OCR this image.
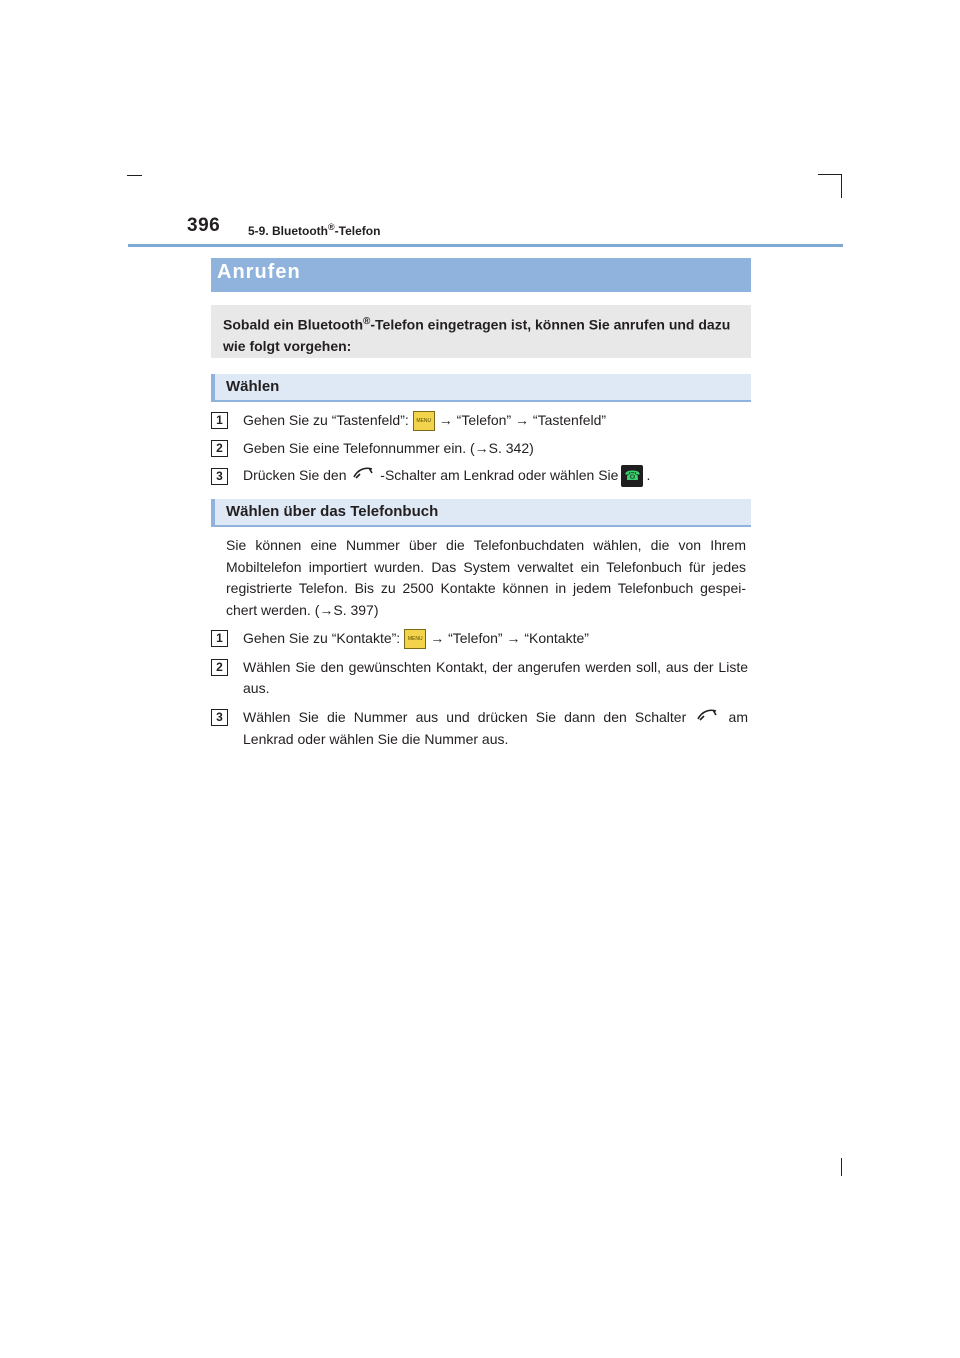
396 5-9. Bluetooth®-Telefon
Anrufen
Sobald ein Bluetooth®-Telefon eingetragen ist, können Sie anrufen und dazu wie folgt vorgehen:
Wählen
1	Gehen Sie zu “Tastenfeld”: MENU → “Telefon” → “Tastenfeld”
2	Geben Sie eine Telefonnummer ein. (→S. 342)
3	Drücken Sie den -Schalter am Lenkrad oder wählen Sie ☎ .
Wählen über das Telefonbuch
Sie können eine Nummer über die Telefonbuchdaten wählen, die von Ihrem Mobiltelefon importiert wurden. Das System verwaltet ein Telefonbuch für jedes registrierte Telefon. Bis zu 2500 Kontakte können in jedem Telefonbuch gespei-chert werden. (→S. 397)
1	Gehen Sie zu “Kontakte”: MENU → “Telefon” → “Kontakte”
2	Wählen Sie den gewünschten Kontakt, der angerufen werden soll, aus der Liste aus.
3	Wählen Sie die Nummer aus und drücken Sie dann den Schalter	am Lenkrad oder wählen Sie die Nummer aus.
